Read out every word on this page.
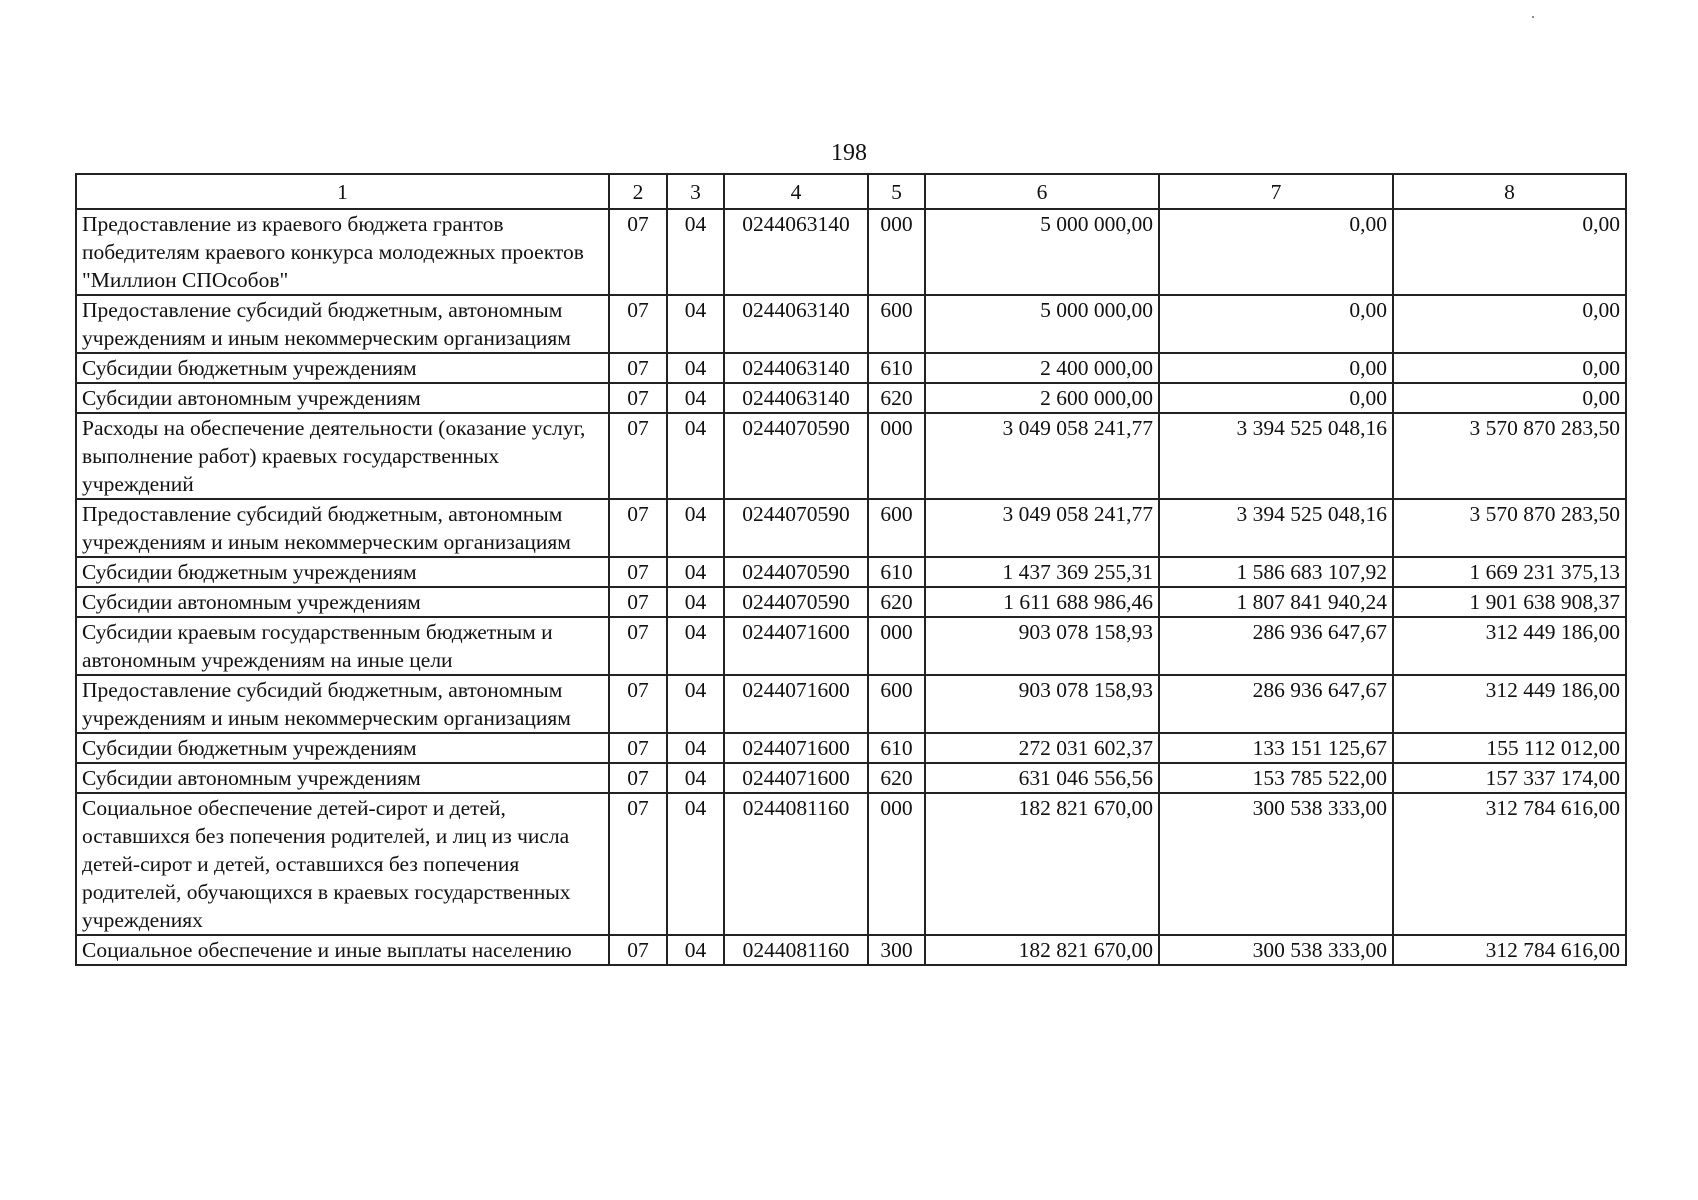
198
1	2	3	4	5	6	7	8
Предоставление из краевого бюджета грантов победителям краевого конкурса молодежных проектов "Миллион СПОсобов"	07	04	0244063140	000	5 000 000,00	0,00	0,00
Предоставление субсидий бюджетным, автономным учреждениям и иным некоммерческим организациям	07	04	0244063140	600	5 000 000,00	0,00	0,00
Субсидии бюджетным учреждениям	07	04	0244063140	610	2 400 000,00	0,00	0,00
Субсидии автономным учреждениям	07	04	0244063140	620	2 600 000,00	0,00	0,00
Расходы на обеспечение деятельности (оказание услуг, выполнение работ) краевых государственных учреждений	07	04	0244070590	000	3 049 058 241,77	3 394 525 048,16	3 570 870 283,50
Предоставление субсидий бюджетным, автономным учреждениям и иным некоммерческим организациям	07	04	0244070590	600	3 049 058 241,77	3 394 525 048,16	3 570 870 283,50
Субсидии бюджетным учреждениям	07	04	0244070590	610	1 437 369 255,31	1 586 683 107,92	1 669 231 375,13
Субсидии автономным учреждениям	07	04	0244070590	620	1 611 688 986,46	1 807 841 940,24	1 901 638 908,37
Субсидии краевым государственным бюджетным и автономным учреждениям на иные цели	07	04	0244071600	000	903 078 158,93	286 936 647,67	312 449 186,00
Предоставление субсидий бюджетным, автономным учреждениям и иным некоммерческим организациям	07	04	0244071600	600	903 078 158,93	286 936 647,67	312 449 186,00
Субсидии бюджетным учреждениям	07	04	0244071600	610	272 031 602,37	133 151 125,67	155 112 012,00
Субсидии автономным учреждениям	07	04	0244071600	620	631 046 556,56	153 785 522,00	157 337 174,00
Социальное обеспечение детей-сирот и детей, оставшихся без попечения родителей, и лиц из числа детей-сирот и детей, оставшихся без попечения родителей, обучающихся в краевых государственных учреждениях	07	04	0244081160	000	182 821 670,00	300 538 333,00	312 784 616,00
Социальное обеспечение и иные выплаты населению	07	04	0244081160	300	182 821 670,00	300 538 333,00	312 784 616,00
